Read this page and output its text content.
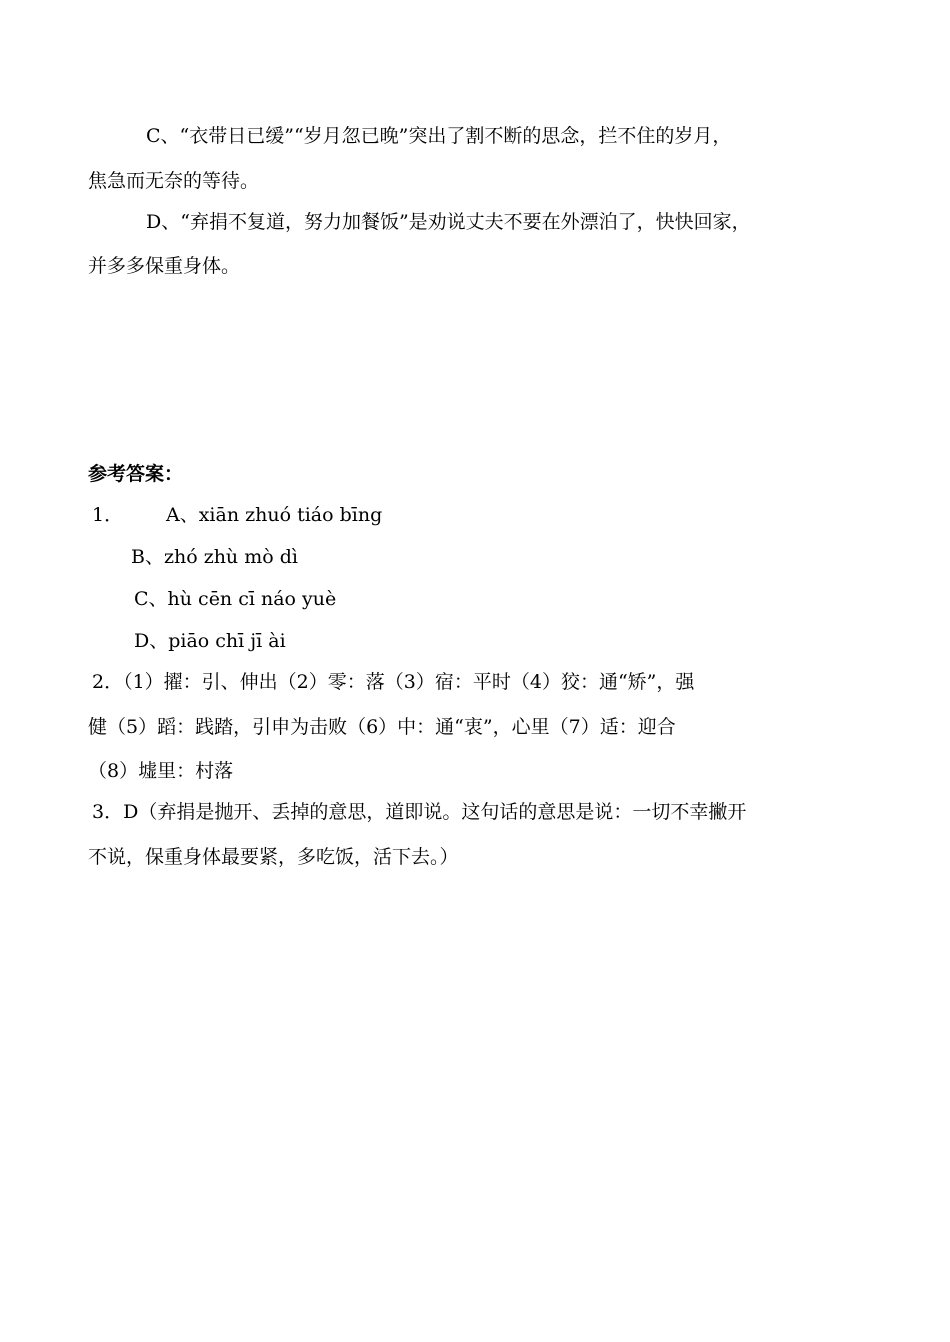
C、“衣带日已缓”“岁月忽已晚”突出了割不断的思念，拦不住的岁月，
焦急而无奈的等待。
D、“弃捐不复道，努力加餐饭”是劝说丈夫不要在外漂泊了，快快回家，
并多多保重身体。
参考答案：
1． A、xiān zhuó tiáo bīng
B、zhó zhù mò dì
C、hù cēn cī náo yuè
D、piāo chī jī ài
2．（1）擢：引、伸出（2）零：落（3）宿：平时（4）狡：通“矫”，强
健（5）蹈：践踏，引申为击败（6）中：通“衷”，心里（7）适：迎合
（8）墟里：村落
3．D（弃捐是抛开、丢掉的意思，道即说。这句话的意思是说：一切不幸撇开
不说，保重身体最要紧，多吃饭，活下去。）
